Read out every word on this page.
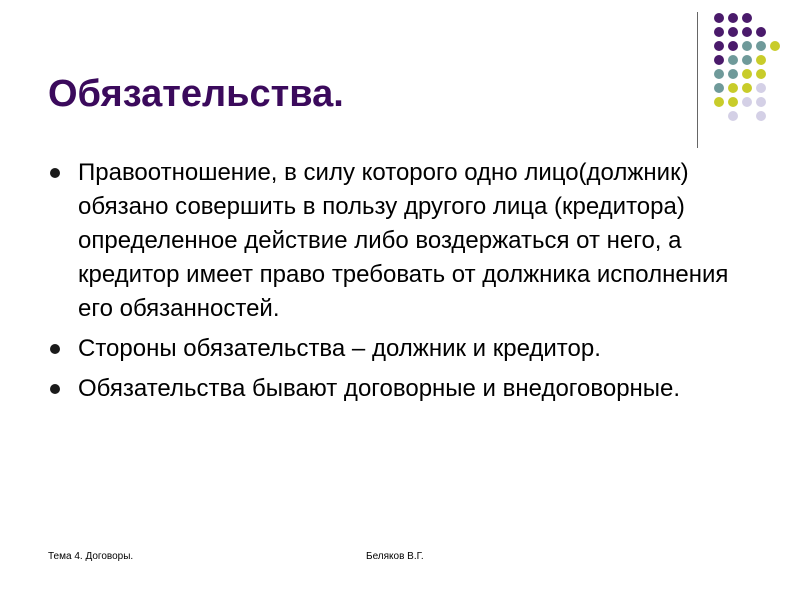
Обязательства.
Правоотношение, в силу которого одно лицо(должник) обязано совершить в пользу другого лица (кредитора) определенное действие либо воздержаться от него, а кредитор имеет право требовать от должника исполнения его обязанностей.
Стороны обязательства – должник и кредитор.
Обязательства бывают договорные и внедоговорные.
Тема 4. Договоры.	Беляков В.Г.
